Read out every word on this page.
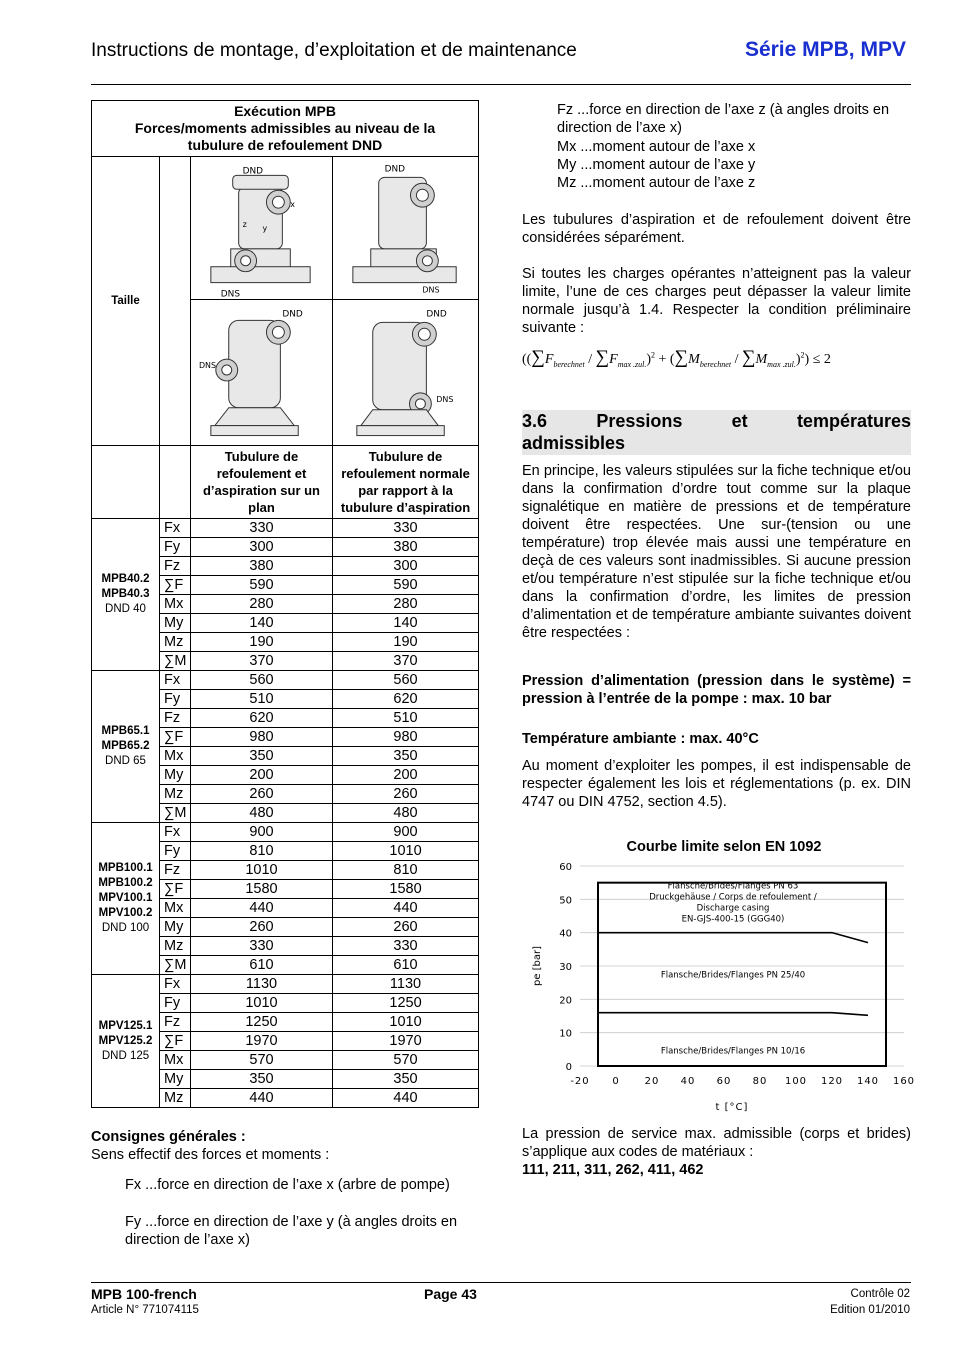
Instructions de montage, d’exploitation et de maintenance	Série MPB, MPV
Exécution MPB
Forces/moments admissibles au niveau de la
tubulure de refoulement DND			

Taille		DND
DNS
x
y
z	DND
DNS

DND
DNS	DND
DNS

		Tubulure de refoulement et d’aspiration sur un plan	Tubulure de refoulement normale par rapport à la tubulure d’aspiration

MPB40.2
MPB40.3
DND 40	Fx	330	330
	Fy	300	380
	Fz	380	300
	∑F	590	590
	Mx	280	280
	My	140	140
	Mz	190	190
	∑M	370	370

MPB65.1
MPB65.2
DND 65	Fx	560	560
	Fy	510	620
	Fz	620	510
	∑F	980	980
	Mx	350	350
	My	200	200
	Mz	260	260
	∑M	480	480

MPB100.1
MPB100.2
MPV100.1
MPV100.2
DND 100	Fx	900	900
	Fy	810	1010
	Fz	1010	810
	∑F	1580	1580
	Mx	440	440
	My	260	260
	Mz	330	330
	∑M	610	610

MPV125.1
MPV125.2
DND 125	Fx	1130	1130
	Fy	1010	1250
	Fz	1250	1010
	∑F	1970	1970
	Mx	570	570
	My	350	350
	Mz	440	440
Consignes générales :
Sens effectif des forces et moments :
Fx ...force en direction de l’axe x (arbre de pompe)
Fy ...force en direction de l’axe y (à angles droits en direction de l’axe x)
Fz ...force en direction de l’axe z (à angles droits en direction de l’axe x)
Mx ...moment autour de l’axe x
My ...moment autour de l’axe y
Mz ...moment autour de l’axe z
Les tubulures d’aspiration et de refoulement doivent être considérées séparément.
Si toutes les charges opérantes n’atteignent pas la valeur limite, l’une de ces charges peut dépasser la valeur limite normale jusqu’à 1.4. Respecter la condition préliminaire suivante :
$((\sum F_{berechnet} / \sum F_{max .zul.})^2 + (\sum M_{berechnet} / \sum M_{max .zul.})^2) \le 2$
3.6	Pressions	et	températures
admissibles
En principe, les valeurs stipulées sur la fiche technique et/ou dans la confirmation d’ordre tout comme sur la plaque signalétique en matière de pressions et de température doivent être respectées. Une sur-(tension ou une température) trop élevée mais aussi une température en deçà de ces valeurs sont inadmissibles. Si aucune pression et/ou température n’est stipulée sur la fiche technique et/ou dans la confirmation d’ordre, les limites de pression d’alimentation et de température ambiante suivantes doivent être respectées :
Pression d’alimentation (pression dans le système) = pression à l’entrée de la pompe : max. 10 bar
Température ambiante : max. 40°C
Au moment d’exploiter les pompes, il est indispensable de respecter également les lois et réglementations (p. ex. DIN 4747 ou DIN 4752, section 4.5).
Courbe limite selon EN 1092
0
10
20
30
40
50
60
-20 0 20 40 60 80 100 120 140 160
t [°C]
pe [bar]
Flansche/Brides/Flanges PN 63 Druckgehäuse / Corps de refoulement / Discharge casing EN-GJS-400-15 (GGG40)
Flansche/Brides/Flanges PN 25/40
Flansche/Brides/Flanges PN 10/16
La pression de service max. admissible (corps et brides) s’applique aux codes de matériaux :
111, 211, 311, 262, 411, 462
MPB 100-french
Article N° 771074115
Page 43	Contrôle 02
Edition 01/2010
